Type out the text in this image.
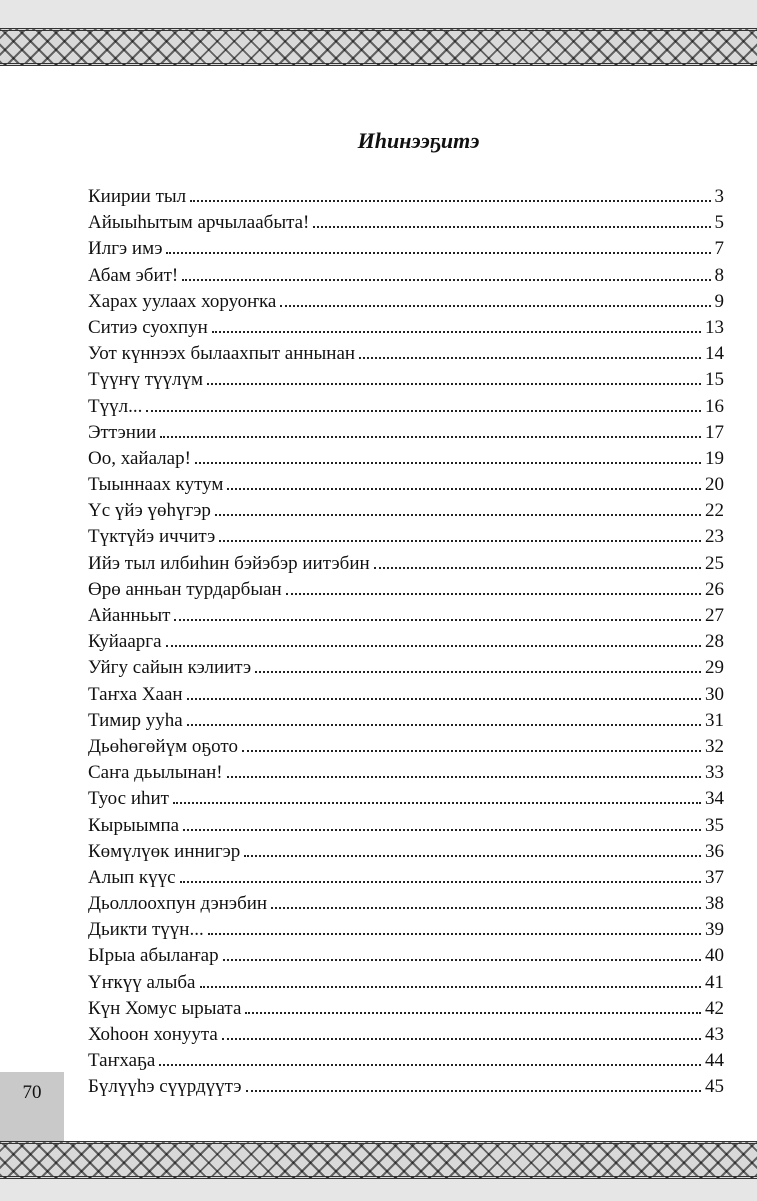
Иhинээҕитэ
Киирии тыл	3
Айыыhытым арчылаабыта!	5
Илгэ имэ	7
Абам эбит!	8
Харах уулаах хоруоҥка	9
Ситиэ суохпун	13
Уот күннээх былаахпыт аннынан	14
Түүҥү түүлүм	15
Түүл...	16
Эттэнии	17
Оо, хайалар!	19
Тыыннаах кутум	20
Үс үйэ үөhүгэр	22
Түктүйэ иччитэ	23
Ийэ тыл илбиhин бэйэбэр иитэбин	25
Өрө анньан турдарбыан	26
Айанньыт	27
Куйаарга	28
Уйгу сайын кэлиитэ	29
Таҥха Хаан	30
Тимир ууhа	31
Дьөhөгөйүм оҕото	32
Саҥа дьылынан!	33
Туос иhит	34
Кырыымпа	35
Көмүлүөк иннигэр	36
Алып күүс	37
Дьоллоохпун дэнэбин	38
Дьикти түүн...	39
Ырыа абылаҥар	40
Үҥкүү алыба	41
Күн Хомус ырыата	42
Хоhоон хонуута	43
Таҥхаҕа	44
Бүлүүhэ сүүрдүүтэ	45
70
